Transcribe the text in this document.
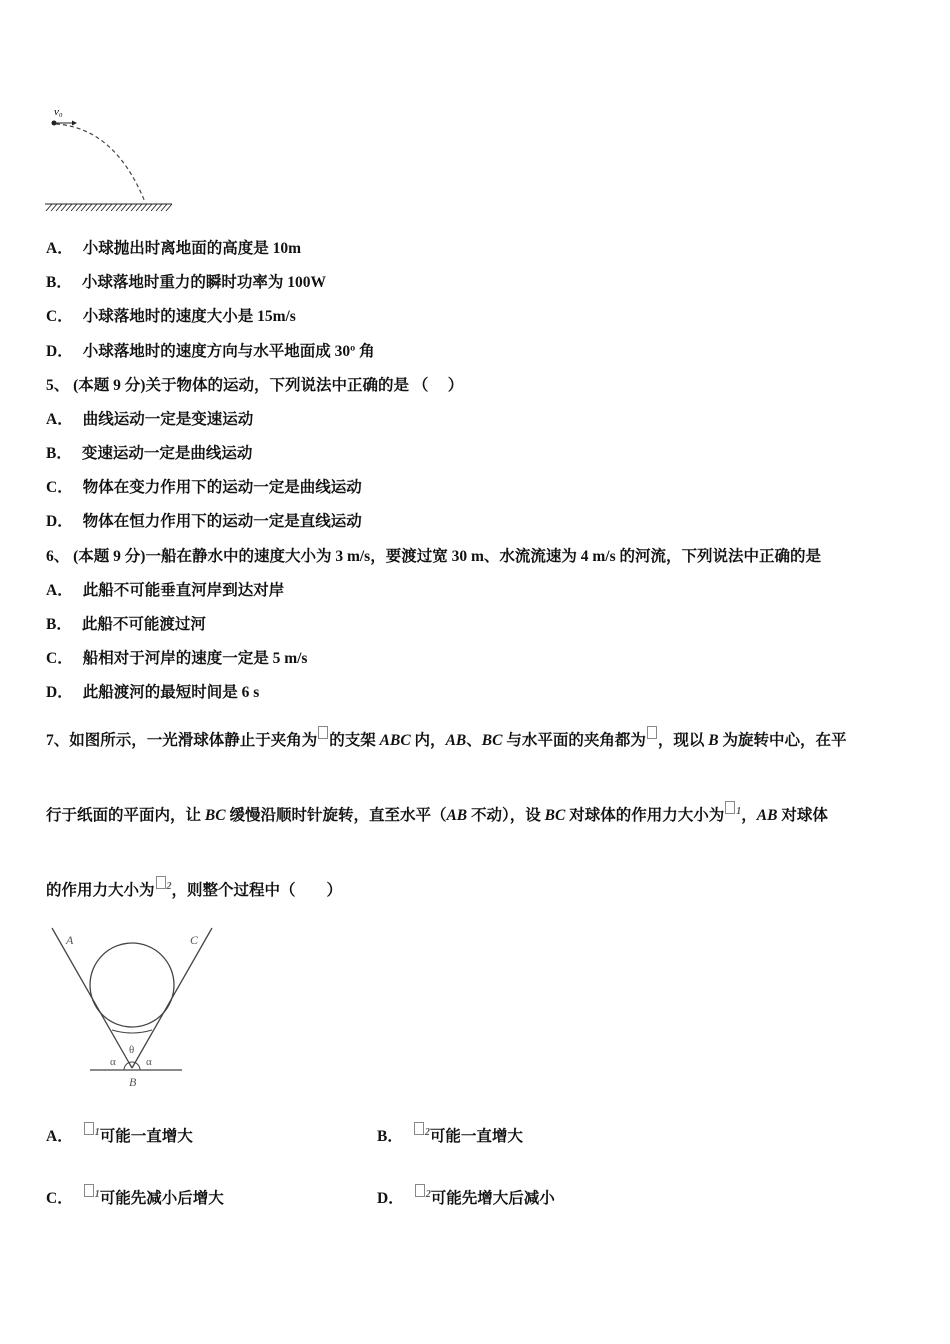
v₀
A． 小球抛出时离地面的高度是 10m
B． 小球落地时重力的瞬时功率为 100W
C． 小球落地时的速度大小是 15m/s
D． 小球落地时的速度方向与水平地面成 30º 角
5、 (本题 9 分)关于物体的运动，下列说法中正确的是 （　 ）
A． 曲线运动一定是变速运动
B． 变速运动一定是曲线运动
C． 物体在变力作用下的运动一定是曲线运动
D． 物体在恒力作用下的运动一定是直线运动
6、 (本题 9 分)一船在静水中的速度大小为 3 m/s，要渡过宽 30 m、水流流速为 4 m/s 的河流，下列说法中正确的是
A． 此船不可能垂直河岸到达对岸
B． 此船不可能渡过河
C． 船相对于河岸的速度一定是 5 m/s
D． 此船渡河的最短时间是 6 s
7、如图所示，一光滑球体静止于夹角为 的支架 ABC 内，AB、BC 与水平面的夹角都为 ，现以 B 为旋转中心，在平
行于纸面的平面内，让 BC 缓慢沿顺时针旋转，直至水平（AB 不动），设 BC 对球体的作用力大小为 $^1$，AB 对球体
的作用力大小为 $^2$，则整个过程中（　　）
A	C
θ
α	α
B
A． $^1$可能一直增大	B． $^2$可能一直增大
C． $^1$可能先减小后增大	D． $^2$可能先增大后减小
